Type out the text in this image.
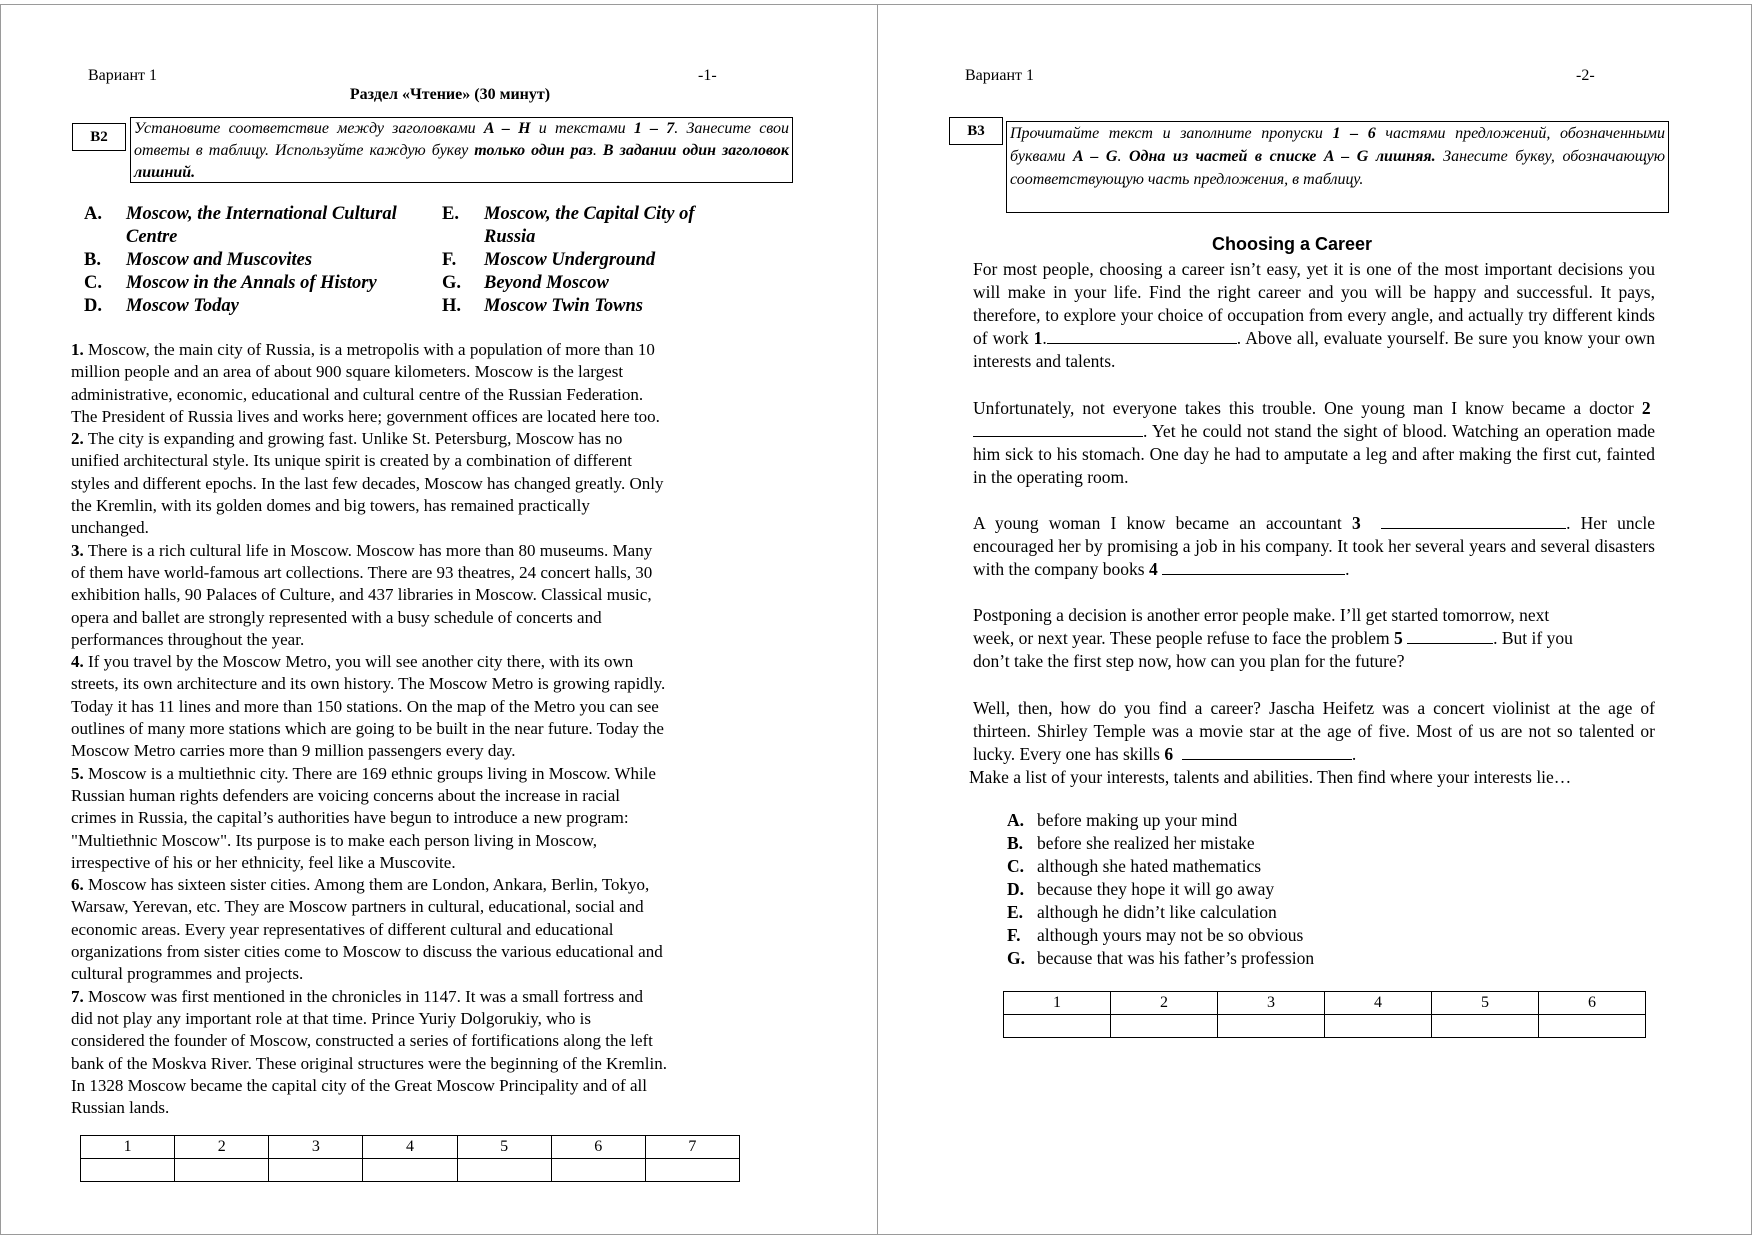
Вариант 1	-1-
Раздел «Чтение» (30 минут)
B2	Установите соответствие между заголовками A – H и текстами 1 – 7. Занесите свои ответы в таблицу. Используйте каждую букву только один раз. В задании один заголовок лишний.
A. Moscow, the International Cultural
Centre
B. Moscow and Muscovites
C. Moscow in the Annals of History
D. Moscow Today
E. Moscow, the Capital City of
Russia
F. Moscow Underground
G. Beyond Moscow
H. Moscow Twin Towns
1. Moscow, the main city of Russia, is a metropolis with a population of more than 10
million people and an area of about 900 square kilometers. Moscow is the largest
administrative, economic, educational and cultural centre of the Russian Federation.
The President of Russia lives and works here; government offices are located here too.
2. The city is expanding and growing fast. Unlike St. Petersburg, Moscow has no
unified architectural style. Its unique spirit is created by a combination of different
styles and different epochs. In the last few decades, Moscow has changed greatly. Only
the Kremlin, with its golden domes and big towers, has remained practically
unchanged.
3. There is a rich cultural life in Moscow. Moscow has more than 80 museums. Many
of them have world-famous art collections. There are 93 theatres, 24 concert halls, 30
exhibition halls, 90 Palaces of Culture, and 437 libraries in Moscow. Classical music,
opera and ballet are strongly represented with a busy schedule of concerts and
performances throughout the year.
4. If you travel by the Moscow Metro, you will see another city there, with its own
streets, its own architecture and its own history. The Moscow Metro is growing rapidly.
Today it has 11 lines and more than 150 stations. On the map of the Metro you can see
outlines of many more stations which are going to be built in the near future. Today the
Moscow Metro carries more than 9 million passengers every day.
5. Moscow is a multiethnic city. There are 169 ethnic groups living in Moscow. While
Russian human rights defenders are voicing concerns about the increase in racial
crimes in Russia, the capital’s authorities have begun to introduce a new program:
"Multiethnic Moscow". Its purpose is to make each person living in Moscow,
irrespective of his or her ethnicity, feel like a Muscovite.
6. Moscow has sixteen sister cities. Among them are London, Ankara, Berlin, Tokyo,
Warsaw, Yerevan, etc. They are Moscow partners in cultural, educational, social and
economic areas. Every year representatives of different cultural and educational
organizations from sister cities come to Moscow to discuss the various educational and
cultural programmes and projects.
7. Moscow was first mentioned in the chronicles in 1147. It was a small fortress and
did not play any important role at that time. Prince Yuriy Dolgorukiy, who is
considered the founder of Moscow, constructed a series of fortifications along the left
bank of the Moskva River. These original structures were the beginning of the Kremlin.
In 1328 Moscow became the capital city of the Great Moscow Principality and of all
Russian lands.
1	2	3	4	5	6	7

Вариант 1	-2-
B3	Прочитайте текст и заполните пропуски 1 – 6 частями предложений, обозначенными буквами A – G. Одна из частей в списке A – G лишняя. Занесите букву, обозначающую соответствующую часть предложения, в таблицу.
Choosing a Career
For most people, choosing a career isn’t easy, yet it is one of the most important decisions you will make in your life. Find the right career and you will be happy and successful. It pays, therefore, to explore your choice of occupation from every angle, and actually try different kinds of work 1.	. Above all, evaluate yourself. Be sure you know your own interests and talents.
Unfortunately, not everyone takes this trouble. One young man I know became a doctor 2  . Yet he could not stand the sight of blood. Watching an operation made him sick to his stomach. One day he had to amputate a leg and after making the first cut, fainted in the operating room.
A young woman I know became an accountant 3	. Her uncle encouraged her by promising a job in his company. It took her several years and several disasters with the company books 4	.

Postponing a decision is another error people make. I’ll get started tomorrow, next

week, or next year. These people refuse to face the problem 5	. But if you

don’t take the first step now, how can you plan for the future?

Well, then, how do you find a career? Jascha Heifetz was a concert violinist at the age of thirteen. Shirley Temple was a movie star at the age of five. Most of us are not so talented or lucky. Every one has skills 6	.
Make a list of your interests, talents and abilities. Then find where your interests lie…
A. before making up your mind
B. before she realized her mistake
C. although she hated mathematics
D. because they hope it will go away
E. although he didn’t like calculation
F. although yours may not be so obvious
G. because that was his father’s profession
1	2	3	4	5	6
